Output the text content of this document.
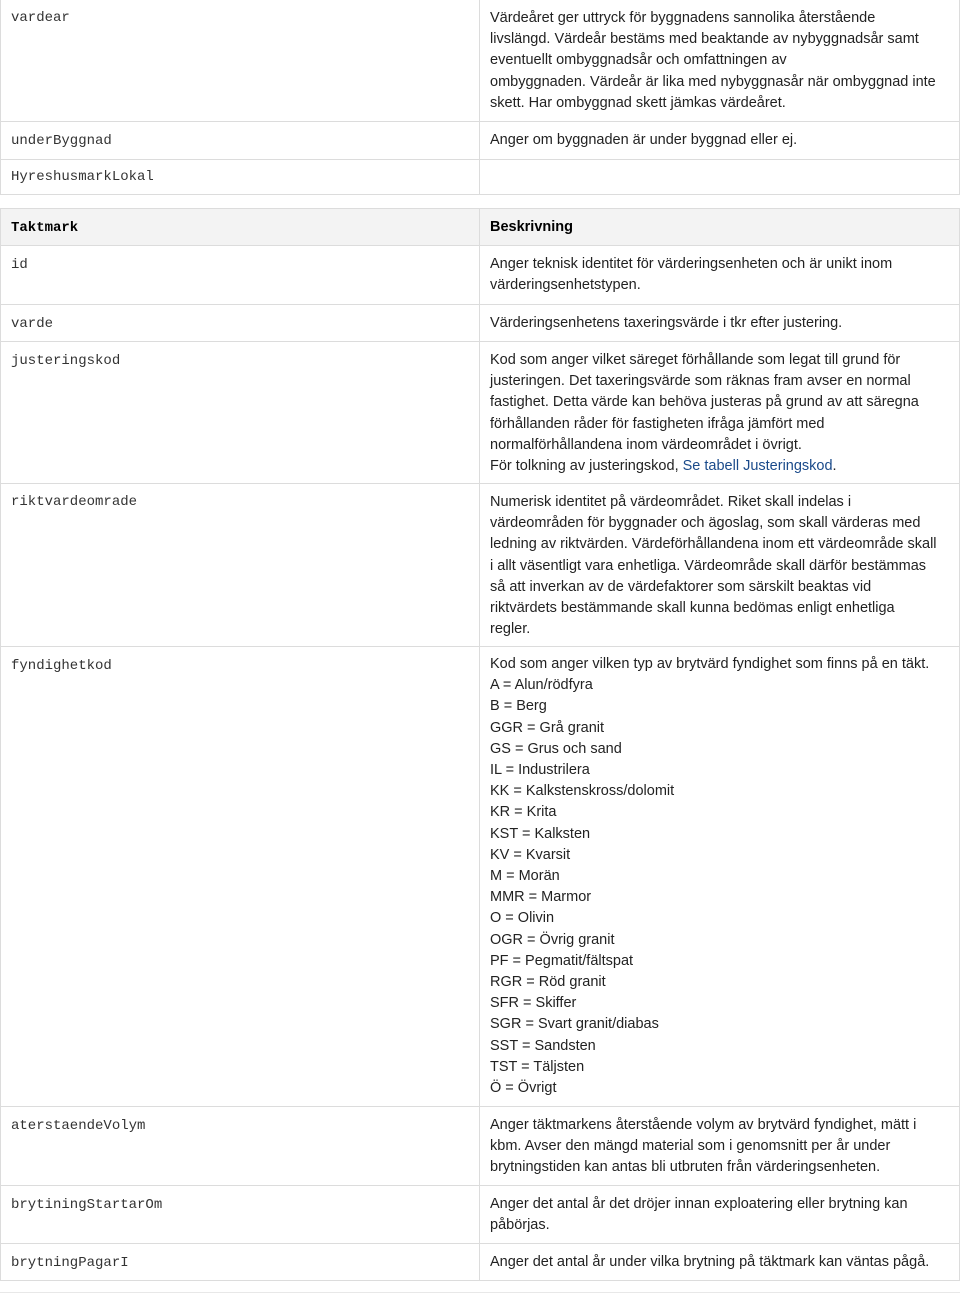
vardear	Värdeåret ger uttryck för byggnadens sannolika återstående
livslängd. Värdeår bestäms med beaktande av nybyggnadsår samt
eventuellt ombyggnadsår och omfattningen av
ombyggnaden. Värdeår är lika med nybyggnasår när ombyggnad inte
skett. Har ombyggnad skett jämkas värdeåret.
underByggnad	Anger om byggnaden är under byggnad eller ej.
HyreshusmarkLokal
Taktmark	Beskrivning
id	Anger teknisk identitet för värderingsenheten och är unikt inom
värderingsenhetstypen.
varde	Värderingsenhetens taxeringsvärde i tkr efter justering.
justeringskod	Kod som anger vilket säreget förhållande som legat till grund för
justeringen. Det taxeringsvärde som räknas fram avser en normal
fastighet. Detta värde kan behöva justeras på grund av att säregna
förhållanden råder för fastigheten ifråga jämfört med
normalförhållandena inom värdeområdet i övrigt.
För tolkning av justeringskod, Se tabell Justeringskod.
riktvardeomrade	Numerisk identitet på värdeområdet. Riket skall indelas i
värdeområden för byggnader och ägoslag, som skall värderas med
ledning av riktvärden. Värdeförhållandena inom ett värdeområde skall
i allt väsentligt vara enhetliga. Värdeområde skall därför bestämmas
så att inverkan av de värdefaktorer som särskilt beaktas vid
riktvärdets bestämmande skall kunna bedömas enligt enhetliga
regler.
fyndighetkod	Kod som anger vilken typ av brytvärd fyndighet som finns på en täkt.
A = Alun/rödfyra
B = Berg
GGR = Grå granit
GS = Grus och sand
IL = Industrilera
KK = Kalkstenskross/dolomit
KR = Krita
KST = Kalksten
KV = Kvarsit
M = Morän
MMR = Marmor
O = Olivin
OGR = Övrig granit
PF = Pegmatit/fältspat
RGR = Röd granit
SFR = Skiffer
SGR = Svart granit/diabas
SST = Sandsten
TST = Täljsten
Ö = Övrigt
aterstaendeVolym	Anger täktmarkens återstående volym av brytvärd fyndighet, mätt i
kbm. Avser den mängd material som i genomsnitt per år under
brytningstiden kan antas bli utbruten från värderingsenheten.
brytiningStartarOm	Anger det antal år det dröjer innan exploatering eller brytning kan
påbörjas.
brytningPagarI	Anger det antal år under vilka brytning på täktmark kan väntas pågå.
